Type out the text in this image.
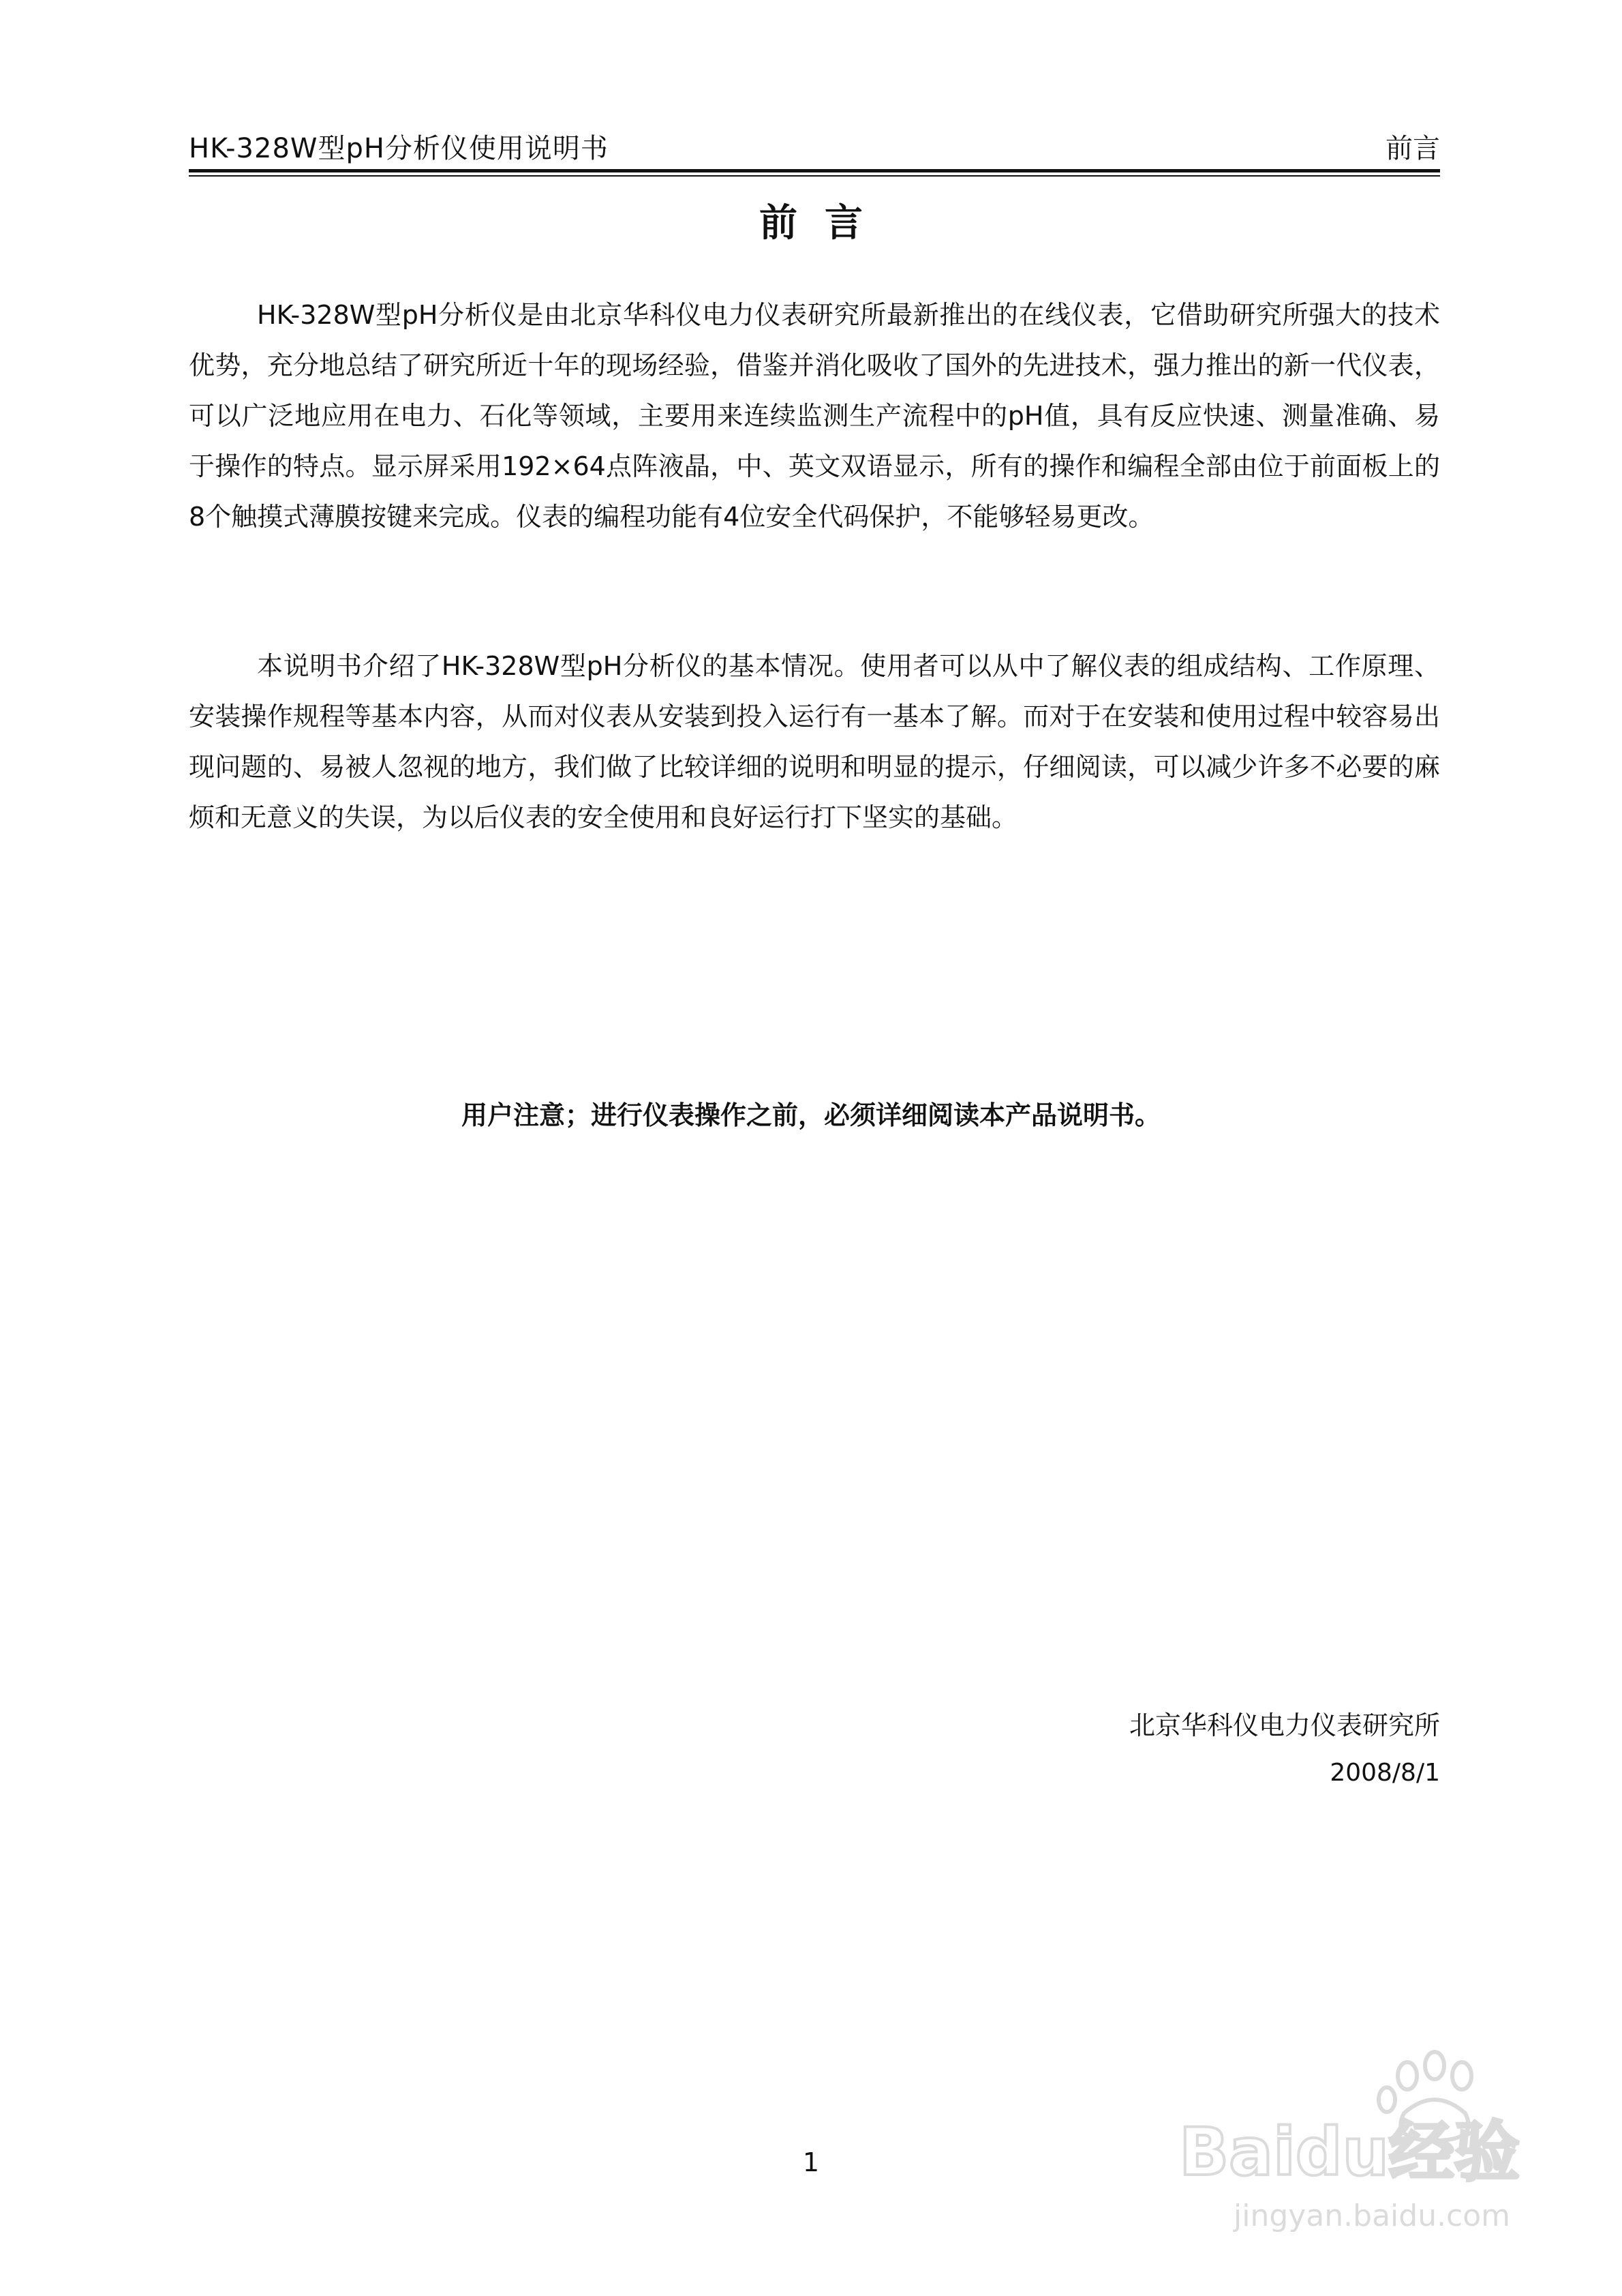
HK-328W型pH分析仪使用说明书	前言
前言

HK-328W型pH分析仪是由北京华科仪电力仪表研究所最新推出的在线仪表，它借助研究所强大的技术优势，充分地总结了研究所近十年的现场经验，借鉴并消化吸收了国外的先进技术，强力推出的新一代仪表，可以广泛地应用在电力、石化等领域，主要用来连续监测生产流程中的pH值，具有反应快速、测量准确、易于操作的特点。显示屏采用192×64点阵液晶，中、英文双语显示，所有的操作和编程全部由位于前面板上的8个触摸式薄膜按键来完成。仪表的编程功能有4位安全代码保护，不能够轻易更改。

本说明书介绍了HK-328W型pH分析仪的基本情况。使用者可以从中了解仪表的组成结构、工作原理、安装操作规程等基本内容，从而对仪表从安装到投入运行有一基本了解。而对于在安装和使用过程中较容易出现问题的、易被人忽视的地方，我们做了比较详细的说明和明显的提示，仔细阅读，可以减少许多不必要的麻烦和无意义的失误，为以后仪表的安全使用和良好运行打下坚实的基础。

用户注意；进行仪表操作之前，必须详细阅读本产品说明书。
北京华科仪电力仪表研究所
2008/8/1
1	Baidu经验
jingyan.baidu.com
